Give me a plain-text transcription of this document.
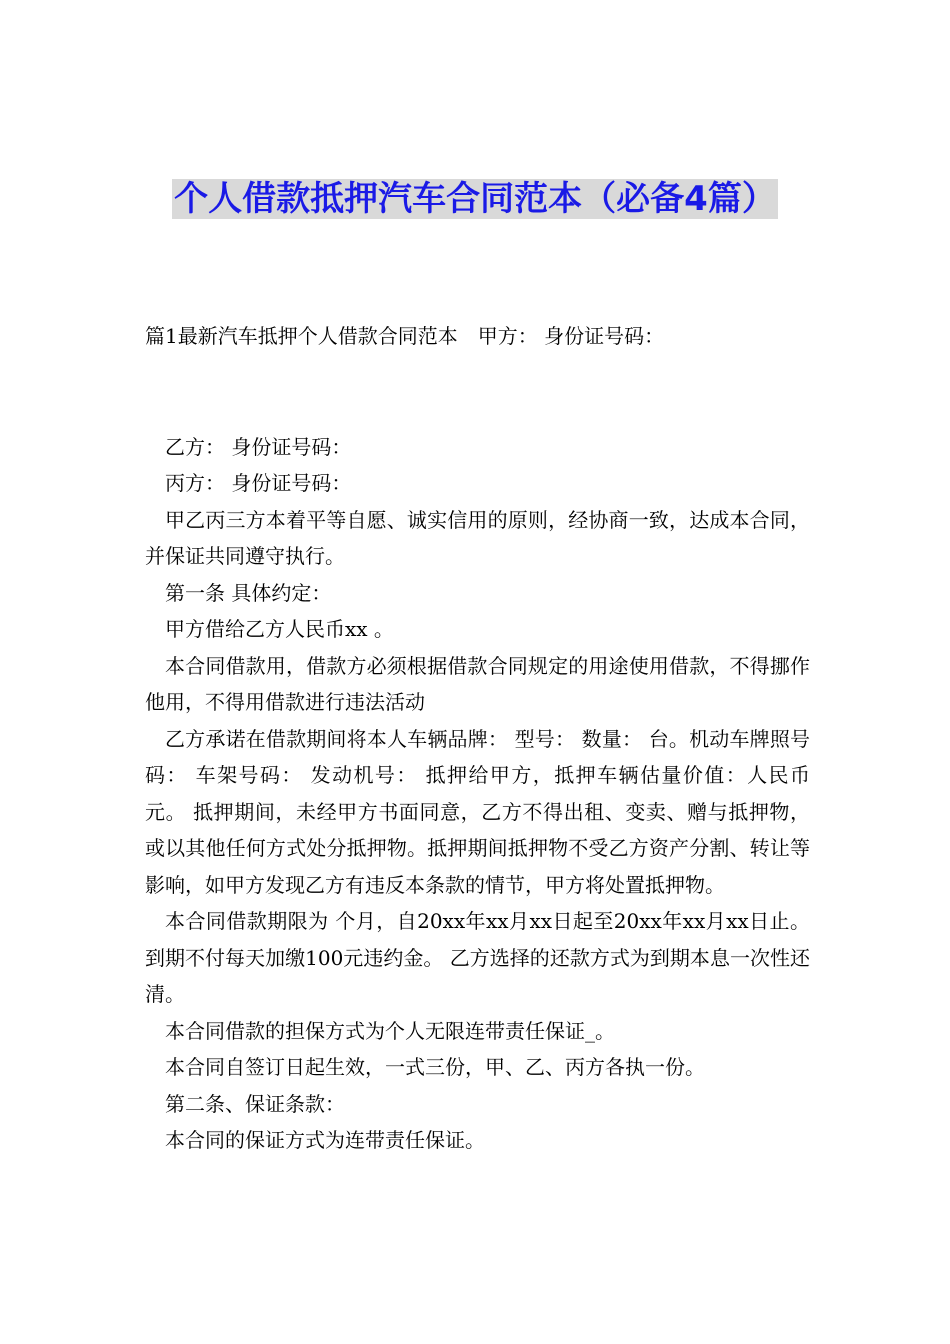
个人借款抵押汽车合同范本（必备4篇）

篇1最新汽车抵押个人借款合同范本　甲方： 身份证号码：

乙方： 身份证号码：

丙方： 身份证号码：

甲乙丙三方本着平等自愿、诚实信用的原则，经协商一致，达成本合同，并保证共同遵守执行。

第一条 具体约定：

甲方借给乙方人民币xx 。

本合同借款用，借款方必须根据借款合同规定的用途使用借款，不得挪作他用，不得用借款进行违法活动

乙方承诺在借款期间将本人车辆品牌： 型号： 数量： 台。机动车牌照号码： 车架号码： 发动机号： 抵押给甲方，抵押车辆估量价值：人民币 元。 抵押期间，未经甲方书面同意，乙方不得出租、变卖、赠与抵押物，或以其他任何方式处分抵押物。抵押期间抵押物不受乙方资产分割、转让等影响，如甲方发现乙方有违反本条款的情节，甲方将处置抵押物。

本合同借款期限为 个月，自20xx年xx月xx日起至20xx年xx月xx日止。到期不付每天加缴100元违约金。 乙方选择的还款方式为到期本息一次性还清。

本合同借款的担保方式为个人无限连带责任保证_。

本合同自签订日起生效，一式三份，甲、乙、丙方各执一份。

第二条、保证条款：

本合同的保证方式为连带责任保证。
